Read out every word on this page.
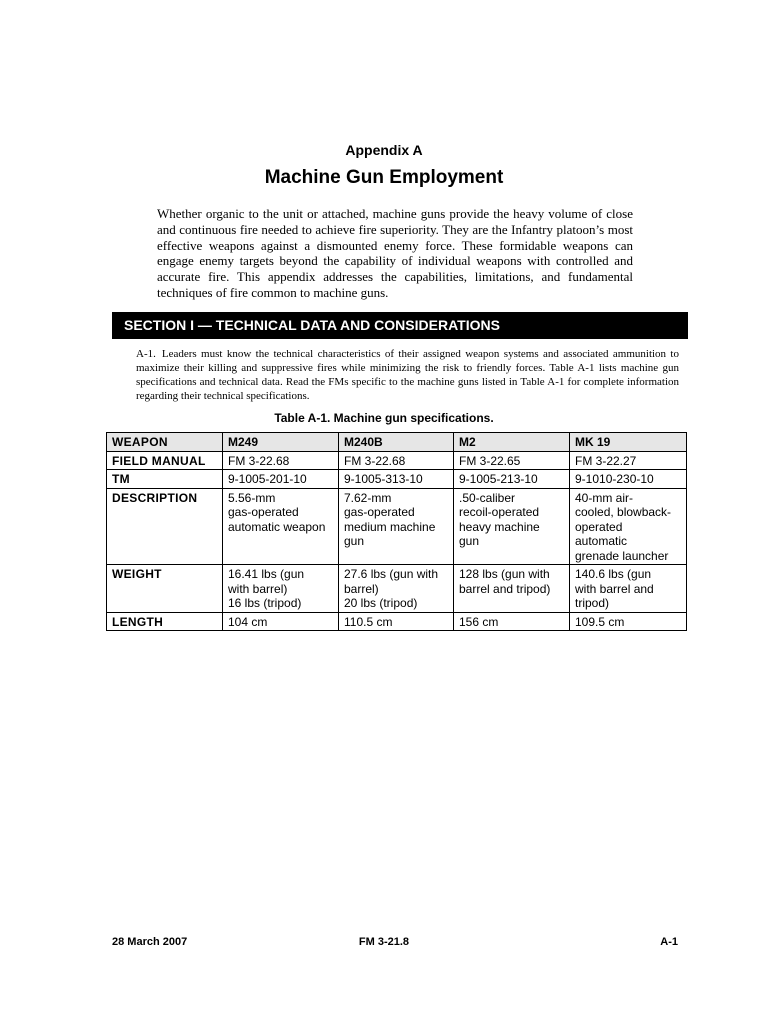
Appendix A
Machine Gun Employment

Whether organic to the unit or attached, machine guns provide the heavy volume of close and continuous fire needed to achieve fire superiority. They are the Infantry platoon’s most effective weapons against a dismounted enemy force. These formidable weapons can engage enemy targets beyond the capability of individual weapons with controlled and accurate fire. This appendix addresses the capabilities, limitations, and fundamental techniques of fire common to machine guns.

SECTION I — TECHNICAL DATA AND CONSIDERATIONS

A-1. Leaders must know the technical characteristics of their assigned weapon systems and associated ammunition to maximize their killing and suppressive fires while minimizing the risk to friendly forces. Table A-1 lists machine gun specifications and technical data. Read the FMs specific to the machine guns listed in Table A-1 for complete information regarding their technical specifications.

Table A-1. Machine gun specifications.
WEAPON	M249	M240B	M2	MK 19
FIELD MANUAL	FM 3-22.68	FM 3-22.68	FM 3-22.65	FM 3-22.27

TM	9-1005-201-10	9-1005-313-10	9-1005-213-10	9-1010-230-10

DESCRIPTION	5.56-mm
gas-operated
automatic weapon	7.62-mm
gas-operated
medium machine
gun	.50-caliber
recoil-operated
heavy machine
gun	40-mm air-
cooled, blowback-
operated
automatic
grenade launcher

WEIGHT	16.41 lbs (gun
with barrel)
16 lbs (tripod)	27.6 lbs (gun with
barrel)
20 lbs (tripod)	128 lbs (gun with
barrel and tripod)	140.6 lbs (gun
with barrel and
tripod)

LENGTH	104 cm	110.5 cm	156 cm	109.5 cm
28 March 2007	FM 3-21.8	A-1
